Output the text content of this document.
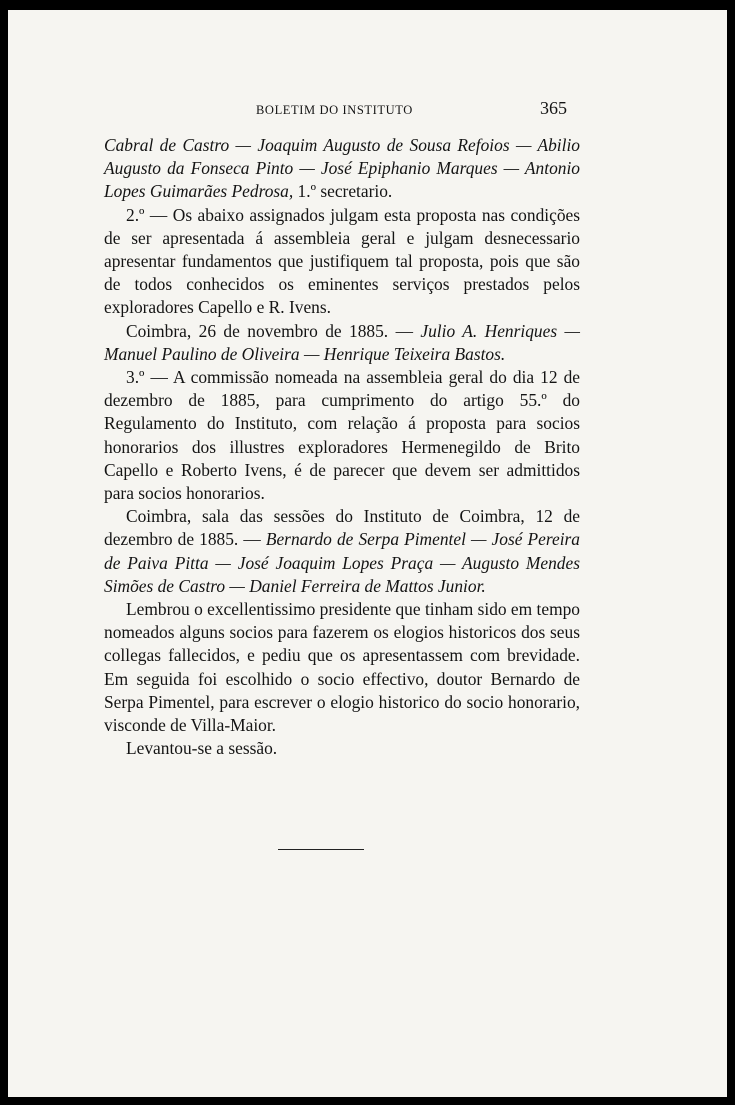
BOLETIM DO INSTITUTO	365

Cabral de Castro — Joaquim Augusto de Sousa Refoios — Abilio Augusto da Fonseca Pinto — José Epiphanio Marques — Antonio Lopes Guimarães Pedrosa, 1.º secretario.

2.º — Os abaixo assignados julgam esta proposta nas condições de ser apresentada á assembleia geral e julgam desnecessario apresentar fundamentos que justifiquem tal proposta, pois que são de todos conhecidos os eminentes serviços prestados pelos exploradores Capello e R. Ivens.

Coimbra, 26 de novembro de 1885. — Julio A. Henriques — Manuel Paulino de Oliveira — Henrique Teixeira Bastos.

3.º — A commissão nomeada na assembleia geral do dia 12 de dezembro de 1885, para cumprimento do artigo 55.º do Regulamento do Instituto, com relação á proposta para socios honorarios dos illustres exploradores Hermenegildo de Brito Capello e Roberto Ivens, é de parecer que devem ser admittidos para socios honorarios.

Coimbra, sala das sessões do Instituto de Coimbra, 12 de dezembro de 1885. — Bernardo de Serpa Pimentel — José Pereira de Paiva Pitta — José Joaquim Lopes Praça — Augusto Mendes Simões de Castro — Daniel Ferreira de Mattos Junior.

Lembrou o excellentissimo presidente que tinham sido em tempo nomeados alguns socios para fazerem os elogios historicos dos seus collegas fallecidos, e pediu que os apresentassem com brevidade. Em seguida foi escolhido o socio effectivo, doutor Bernardo de Serpa Pimentel, para escrever o elogio historico do socio honorario, visconde de Villa-Maior.

Levantou-se a sessão.
